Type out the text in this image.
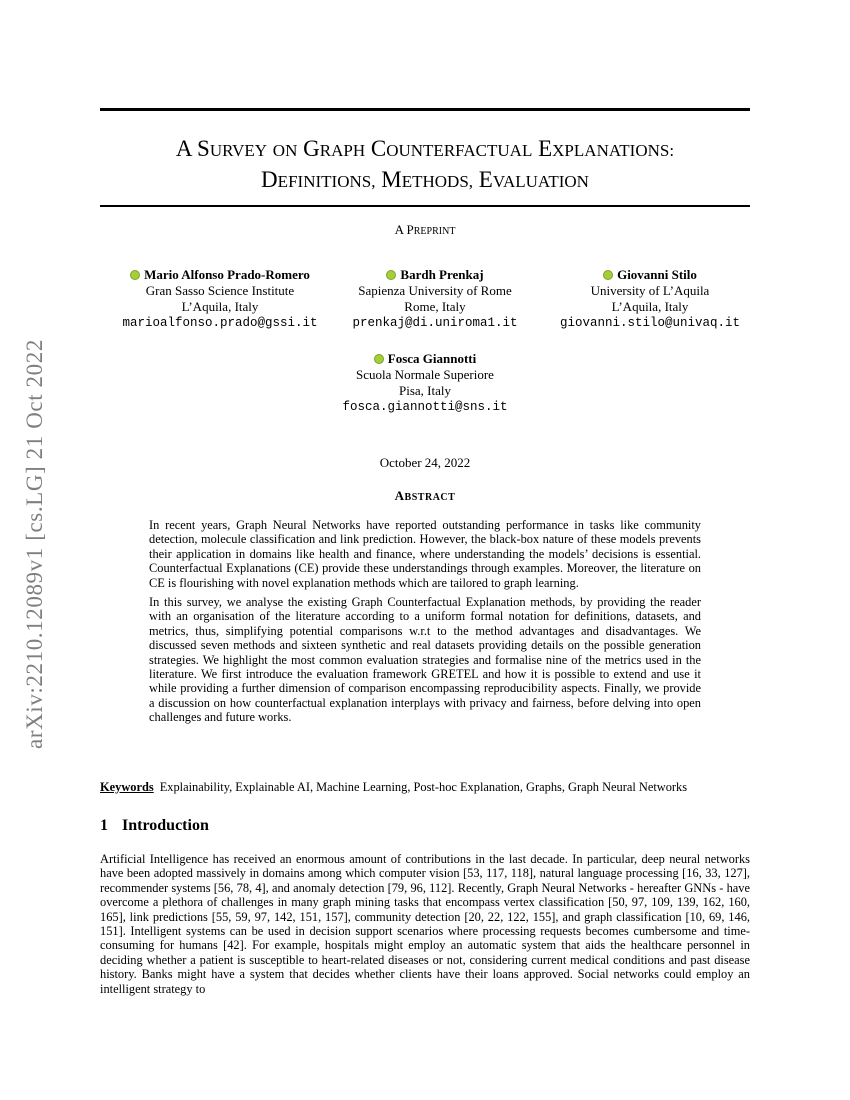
arXiv:2210.12089v1 [cs.LG] 21 Oct 2022
A SURVEY ON GRAPH COUNTERFACTUAL EXPLANATIONS:
DEFINITIONS, METHODS, EVALUATION
A PREPRINT
Mario Alfonso Prado-Romero
Gran Sasso Science Institute
L’Aquila, Italy
marioalfonso.prado@gssi.it
Bardh Prenkaj
Sapienza University of Rome
Rome, Italy
prenkaj@di.uniroma1.it
Giovanni Stilo
University of L’Aquila
L’Aquila, Italy
giovanni.stilo@univaq.it
Fosca Giannotti
Scuola Normale Superiore
Pisa, Italy
fosca.giannotti@sns.it
October 24, 2022
ABSTRACT

In recent years, Graph Neural Networks have reported outstanding performance in tasks like community detection, molecule classification and link prediction. However, the black-box nature of these models prevents their application in domains like health and finance, where understanding the models’ decisions is essential. Counterfactual Explanations (CE) provide these understandings through examples. Moreover, the literature on CE is flourishing with novel explanation methods which are tailored to graph learning.

In this survey, we analyse the existing Graph Counterfactual Explanation methods, by providing the reader with an organisation of the literature according to a uniform formal notation for definitions, datasets, and metrics, thus, simplifying potential comparisons w.r.t to the method advantages and disadvantages. We discussed seven methods and sixteen synthetic and real datasets providing details on the possible generation strategies. We highlight the most common evaluation strategies and formalise nine of the metrics used in the literature. We first introduce the evaluation framework GRETEL and how it is possible to extend and use it while providing a further dimension of comparison encompassing reproducibility aspects. Finally, we provide a discussion on how counterfactual explanation interplays with privacy and fairness, before delving into open challenges and future works.

Keywords Explainability, Explainable AI, Machine Learning, Post-hoc Explanation, Graphs, Graph Neural Networks
1 Introduction

Artificial Intelligence has received an enormous amount of contributions in the last decade. In particular, deep neural networks have been adopted massively in domains among which computer vision [53, 117, 118], natural language processing [16, 33, 127], recommender systems [56, 78, 4], and anomaly detection [79, 96, 112]. Recently, Graph Neural Networks - hereafter GNNs - have overcome a plethora of challenges in many graph mining tasks that encompass vertex classification [50, 97, 109, 139, 162, 160, 165], link predictions [55, 59, 97, 142, 151, 157], community detection [20, 22, 122, 155], and graph classification [10, 69, 146, 151]. Intelligent systems can be used in decision support scenarios where processing requests becomes cumbersome and time-consuming for humans [42]. For example, hospitals might employ an automatic system that aids the healthcare personnel in deciding whether a patient is susceptible to heart-related diseases or not, considering current medical conditions and past disease history. Banks might have a system that decides whether clients have their loans approved. Social networks could employ an intelligent strategy to
